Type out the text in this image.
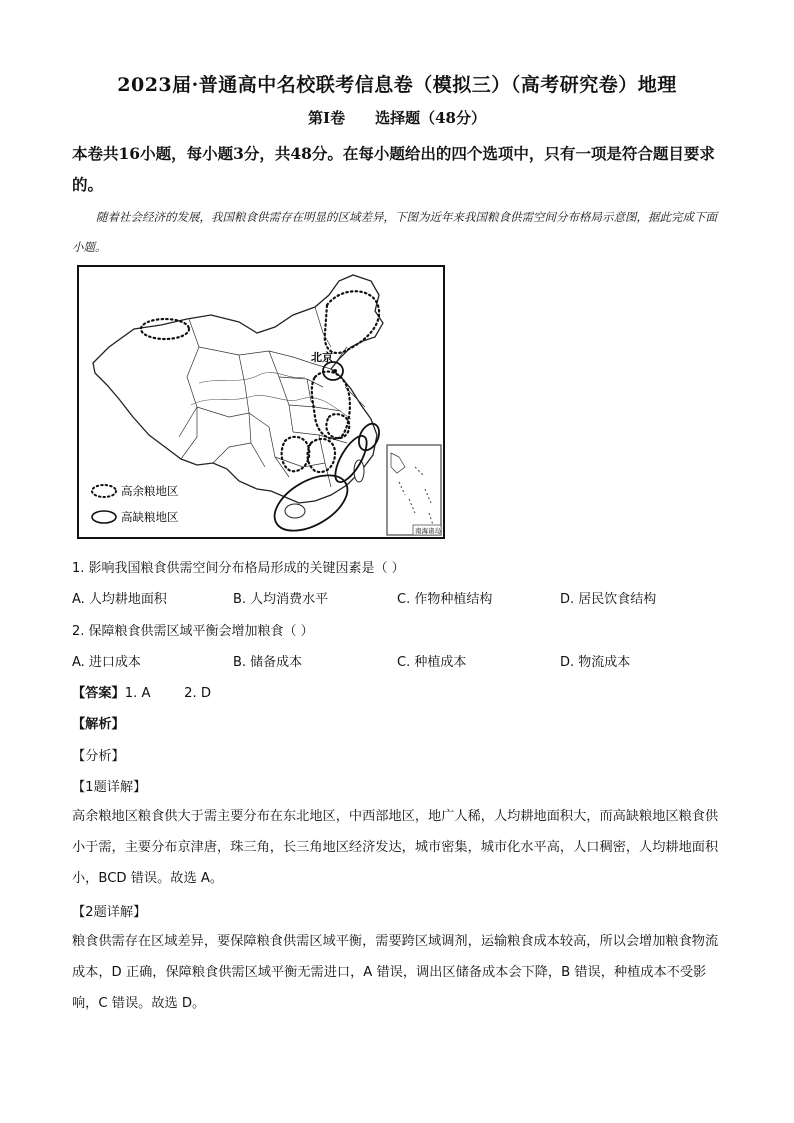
2023届·普通高中名校联考信息卷（模拟三）（高考研究卷）地理
第Ⅰ卷 选择题（48分）
本卷共16小题，每小题3分，共48分。在每小题给出的四个选项中，只有一项是符合题目要求的。
随着社会经济的发展，我国粮食供需存在明显的区域差异，下图为近年来我国粮食供需空间分布格局示意图，据此完成下面小题。
北京
南海诸岛
高余粮地区
高缺粮地区
1. 影响我国粮食供需空间分布格局形成的关键因素是（ ）
A. 人均耕地面积	B. 人均消费水平	C. 作物种植结构	D. 居民饮食结构
2. 保障粮食供需区域平衡会增加粮食（ ）
A. 进口成本	B. 储备成本	C. 种植成本	D. 物流成本
【答案】1. A        2. D
【解析】
【分析】
【1题详解】
高余粮地区粮食供大于需主要分布在东北地区，中西部地区，地广人稀，人均耕地面积大，而高缺粮地区粮食供小于需，主要分布京津唐，珠三角，长三角地区经济发达，城市密集，城市化水平高，人口稠密，人均耕地面积小，BCD 错误。故选 A。
【2题详解】
粮食供需存在区域差异，要保障粮食供需区域平衡，需要跨区域调剂，运输粮食成本较高，所以会增加粮食物流成本，D 正确，保障粮食供需区域平衡无需进口，A 错误，调出区储备成本会下降，B 错误，种植成本不受影响，C 错误。故选 D。
